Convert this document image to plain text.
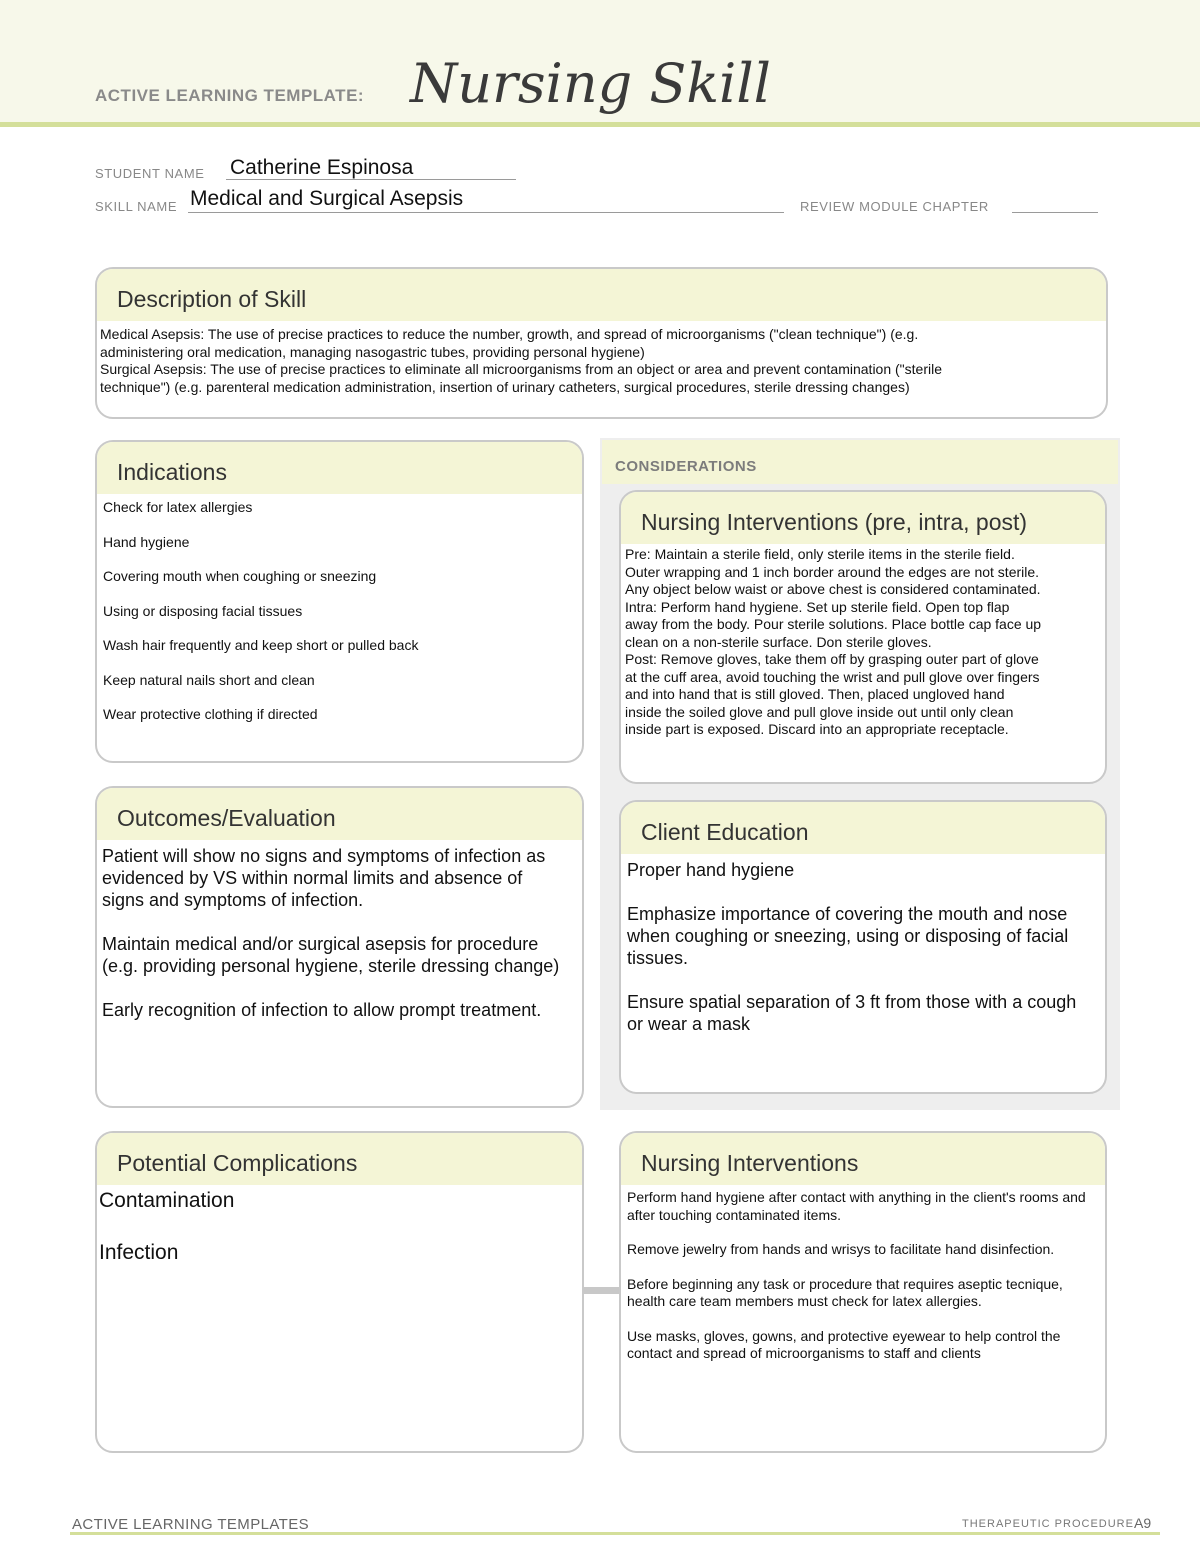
ACTIVE LEARNING TEMPLATE: Nursing Skill
STUDENT NAME Catherine Espinosa
SKILL NAME Medical and Surgical Asepsis	REVIEW MODULE CHAPTER
Description of Skill
Medical Asepsis: The use of precise practices to reduce the number, growth, and spread of microorganisms ("clean technique") (e.g.
administering oral medication, managing nasogastric tubes, providing personal hygiene)
Surgical Asepsis: The use of precise practices to eliminate all microorganisms from an object or area and prevent contamination ("sterile
technique") (e.g. parenteral medication administration, insertion of urinary catheters, surgical procedures, sterile dressing changes)
Indications
Check for latex allergies
Hand hygiene
Covering mouth when coughing or sneezing
Using or disposing facial tissues
Wash hair frequently and keep short or pulled back
Keep natural nails short and clean
Wear protective clothing if directed
CONSIDERATIONS
Nursing Interventions (pre, intra, post)
Pre: Maintain a sterile field, only sterile items in the sterile field.
Outer wrapping and 1 inch border around the edges are not sterile.
Any object below waist or above chest is considered contaminated.
Intra: Perform hand hygiene. Set up sterile field. Open top flap
away from the body. Pour sterile solutions. Place bottle cap face up
clean on a non-sterile surface. Don sterile gloves.
Post: Remove gloves, take them off by grasping outer part of glove
at the cuff area, avoid touching the wrist and pull glove over fingers
and into hand that is still gloved. Then, placed ungloved hand
inside the soiled glove and pull glove inside out until only clean
inside part is exposed. Discard into an appropriate receptacle.
Outcomes/Evaluation
Patient will show no signs and symptoms of infection as evidenced by VS within normal limits and absence of signs and symptoms of infection.
Maintain medical and/or surgical asepsis for procedure (e.g. providing personal hygiene, sterile dressing change)
Early recognition of infection to allow prompt treatment.
Client Education
Proper hand hygiene
Emphasize importance of covering the mouth and nose when coughing or sneezing, using or disposing of facial tissues.
Ensure spatial separation of 3 ft from those with a cough or wear a mask
Potential Complications
Contamination
Infection
Nursing Interventions
Perform hand hygiene after contact with anything in the client's rooms and after touching contaminated items.
Remove jewelry from hands and wrisys to facilitate hand disinfection.
Before beginning any task or procedure that requires aseptic tecnique, health care team members must check for latex allergies.
Use masks, gloves, gowns, and protective eyewear to help control the contact and spread of microorganisms to staff and clients
ACTIVE LEARNING TEMPLATES	THERAPEUTIC PROCEDURE A9
